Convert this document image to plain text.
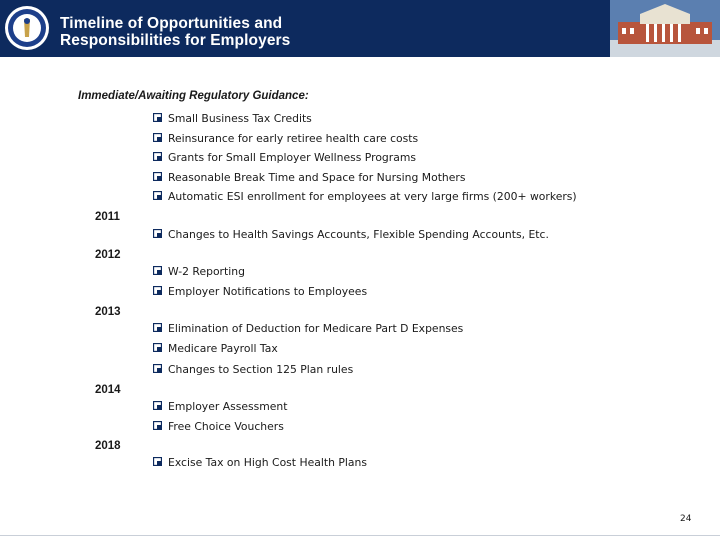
Timeline of Opportunities and
Responsibilities for Employers
Immediate/Awaiting Regulatory Guidance:
Small Business Tax Credits
Reinsurance for early retiree health care costs
Grants for Small Employer Wellness Programs
Reasonable Break Time and Space for Nursing Mothers
Automatic ESI enrollment for employees at very large firms (200+ workers)
2011
Changes to Health Savings Accounts, Flexible Spending Accounts, Etc.
2012
W-2 Reporting
Employer Notifications to Employees
2013
Elimination of Deduction for Medicare Part D Expenses
Medicare Payroll Tax
Changes to Section 125 Plan rules
2014
Employer Assessment
Free Choice Vouchers
2018
Excise Tax on High Cost Health Plans
24
